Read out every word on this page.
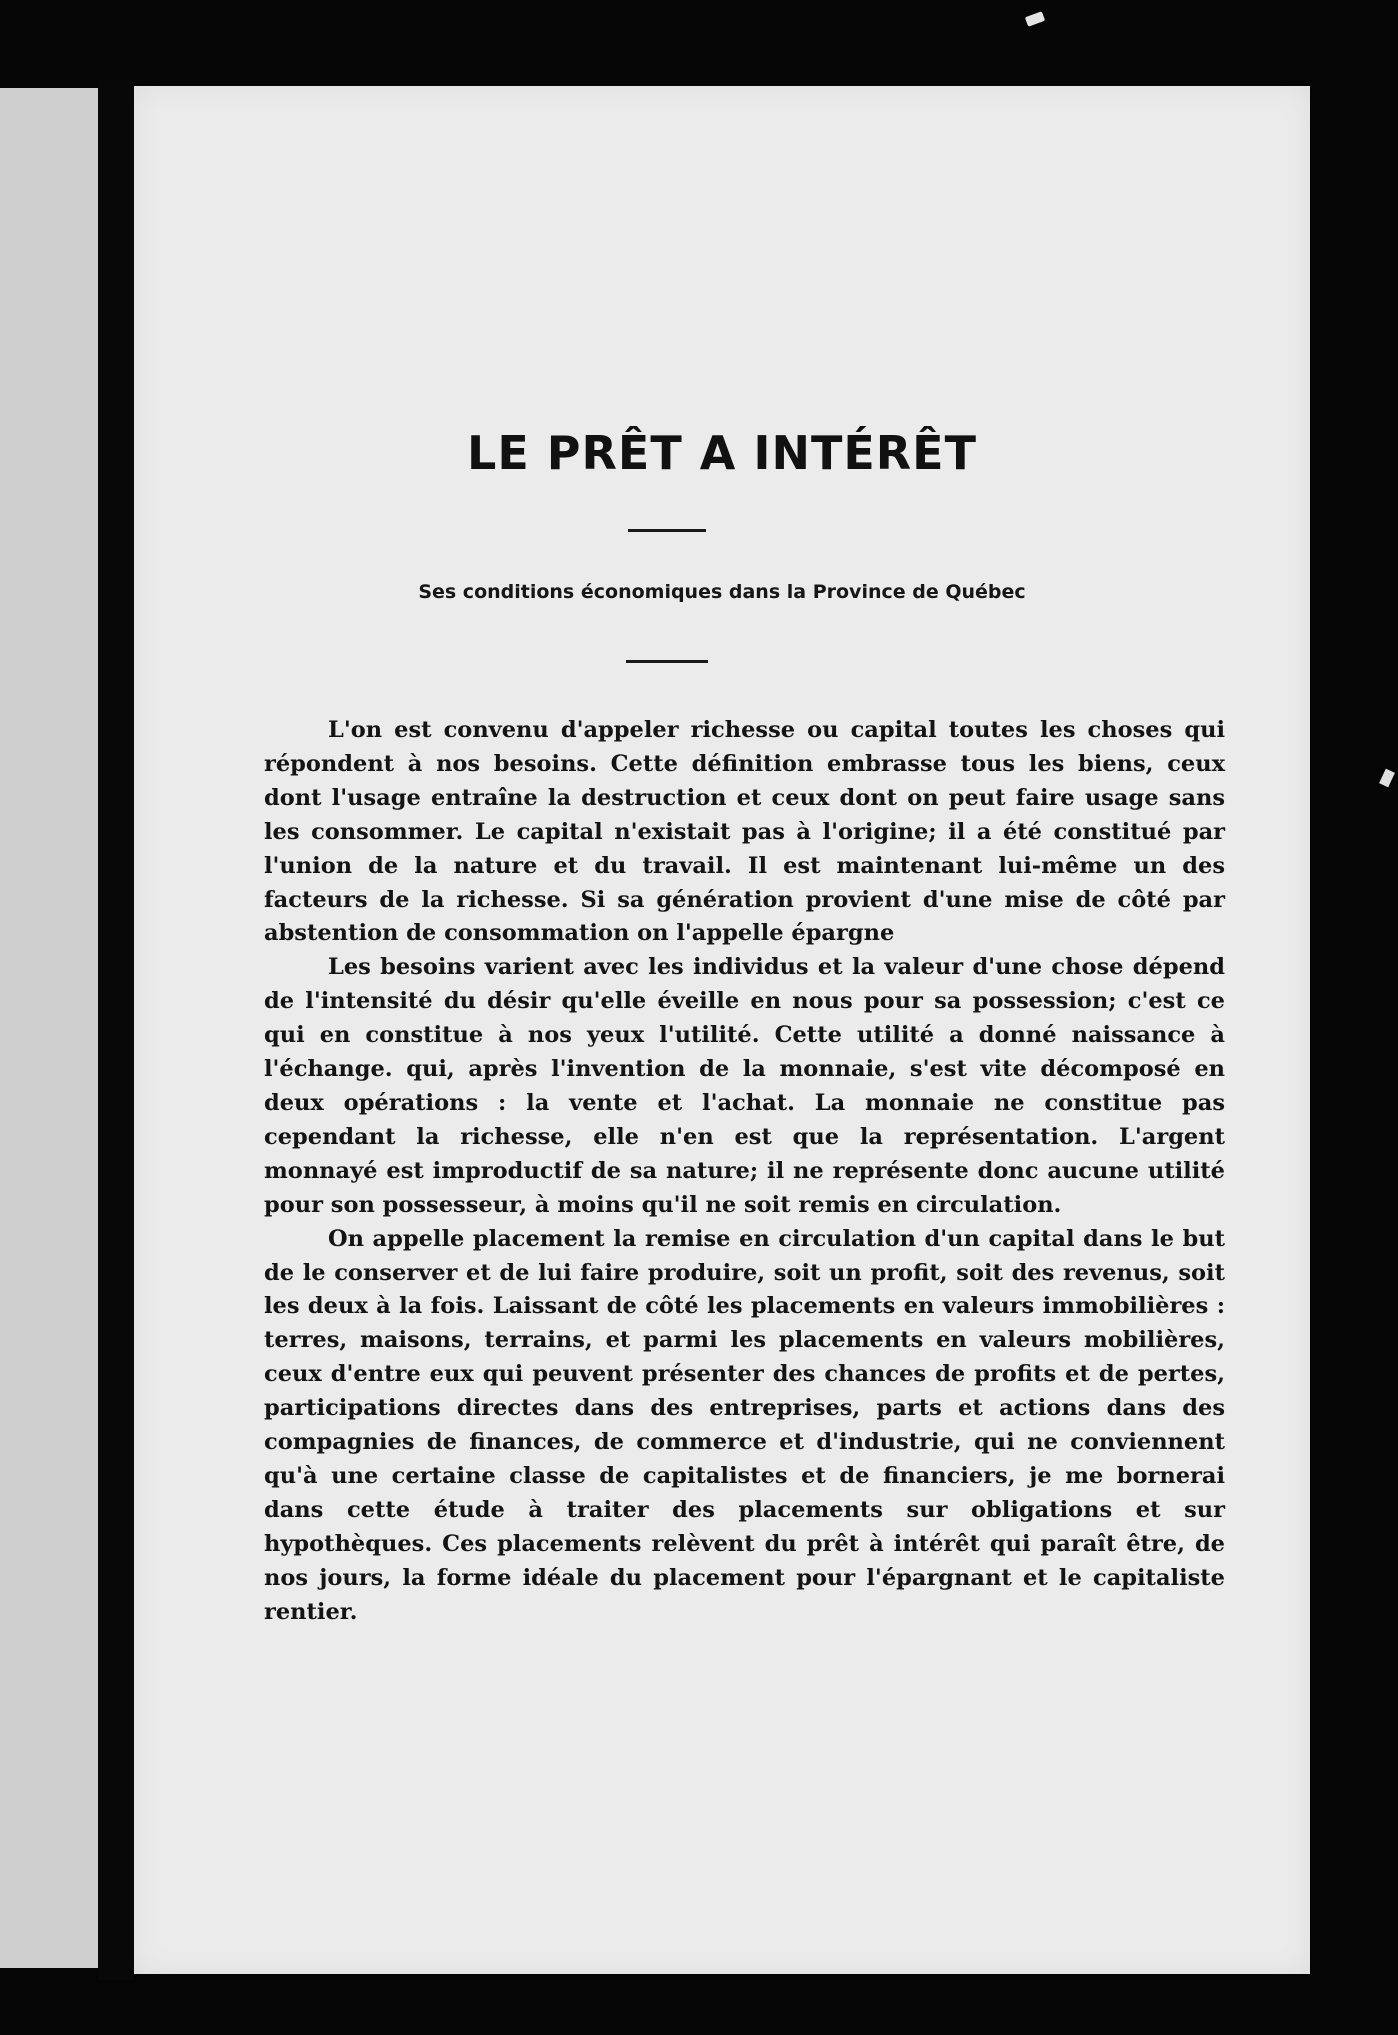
LE PRÊT A INTÉRÊT
Ses conditions économiques dans la Province de Québec

L'on est convenu d'appeler richesse ou capital toutes les choses qui répondent à nos besoins. Cette définition embrasse tous les biens, ceux dont l'usage entraîne la destruction et ceux dont on peut faire usage sans les consommer. Le capital n'existait pas à l'origine; il a été constitué par l'union de la nature et du travail. Il est maintenant lui-même un des facteurs de la richesse. Si sa génération provient d'une mise de côté par abstention de consommation on l'appelle épargne

Les besoins varient avec les individus et la valeur d'une chose dépend de l'intensité du désir qu'elle éveille en nous pour sa possession; c'est ce qui en constitue à nos yeux l'utilité. Cette utilité a donné naissance à l'échange. qui, après l'invention de la monnaie, s'est vite décomposé en deux opérations : la vente et l'achat. La monnaie ne constitue pas cependant la richesse, elle n'en est que la représentation. L'argent monnayé est improductif de sa nature; il ne représente donc aucune utilité pour son possesseur, à moins qu'il ne soit remis en circulation.

On appelle placement la remise en circulation d'un capital dans le but de le conserver et de lui faire produire, soit un profit, soit des revenus, soit les deux à la fois. Laissant de côté les placements en valeurs immobilières : terres, maisons, terrains, et parmi les placements en valeurs mobilières, ceux d'entre eux qui peuvent présenter des chances de profits et de pertes, participations directes dans des entreprises, parts et actions dans des compagnies de finances, de commerce et d'industrie, qui ne conviennent qu'à une certaine classe de capitalistes et de financiers, je me bornerai dans cette étude à traiter des placements sur obligations et sur hypothèques. Ces placements relèvent du prêt à intérêt qui paraît être, de nos jours, la forme idéale du placement pour l'épargnant et le capitaliste rentier.
